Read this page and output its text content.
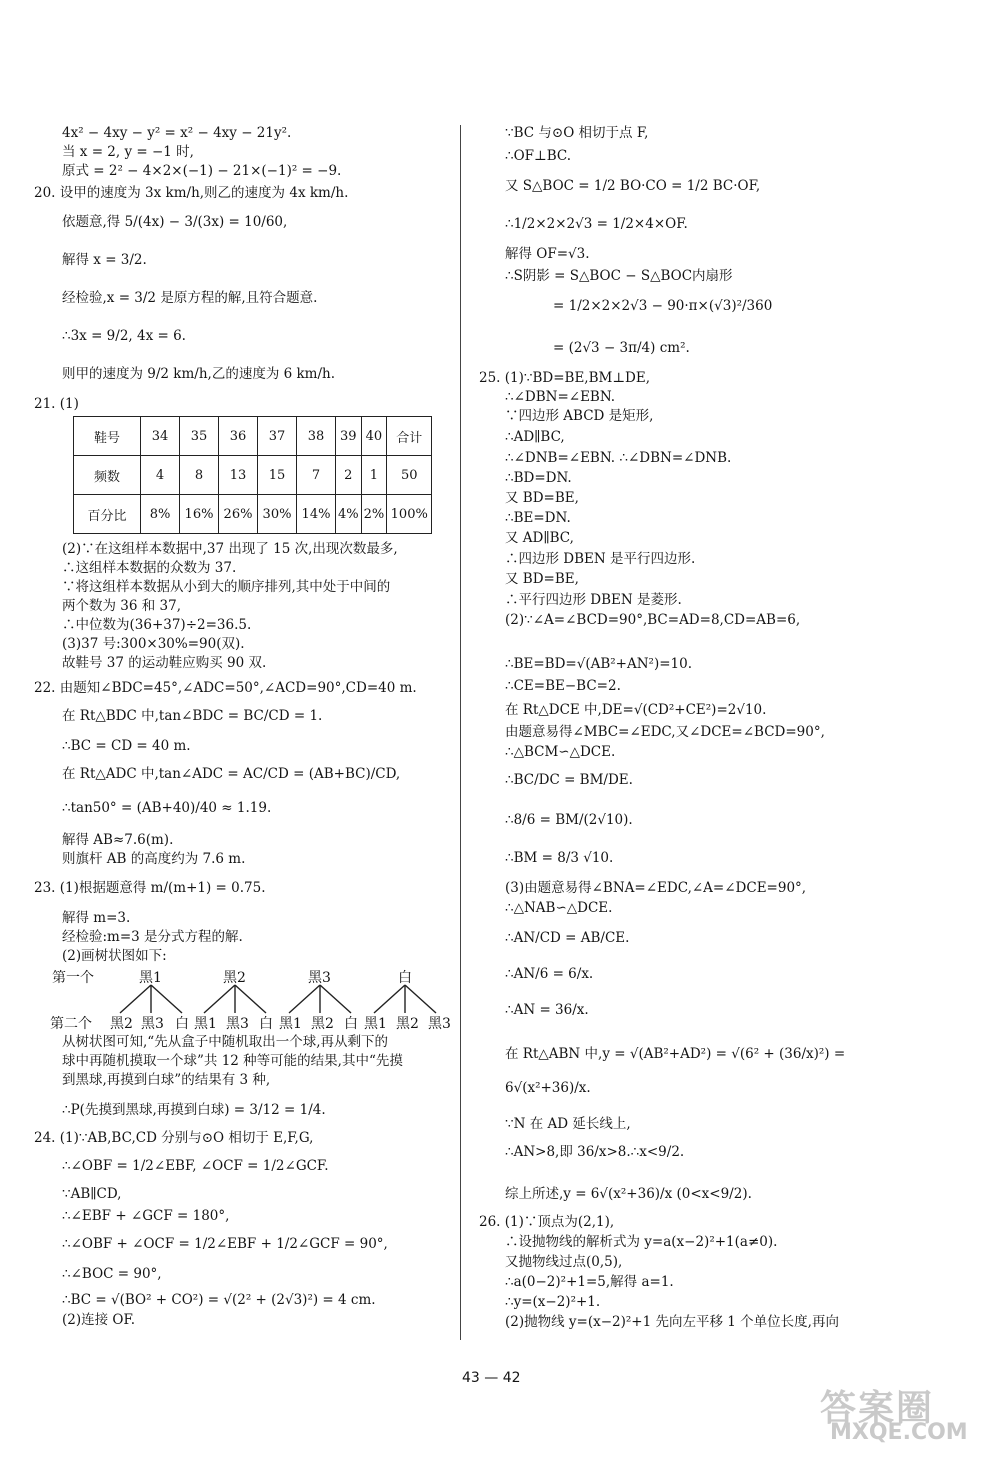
4x² − 4xy − y² = x² − 4xy − 21y².
当 x = 2, y = −1 时,
原式 = 2² − 4×2×(−1) − 21×(−1)² = −9.
20. 设甲的速度为 3x km/h,则乙的速度为 4x km/h.
依题意,得 5/(4x) − 3/(3x) = 10/60,
解得 x = 3/2.
经检验,x = 3/2 是原方程的解,且符合题意.
∴3x = 9/2, 4x = 6.
则甲的速度为 9/2 km/h,乙的速度为 6 km/h.
21. (1)
鞋号	34	35	36	37	38	39	40	合计
频数	4	8	13	15	7	2	1	50
百分比	8%	16%	26%	30%	14%	4%	2%	100%
(2)∵在这组样本数据中,37 出现了 15 次,出现次数最多,
∴这组样本数据的众数为 37.
∵将这组样本数据从小到大的顺序排列,其中处于中间的
两个数为 36 和 37,
∴中位数为(36+37)÷2=36.5.
(3)37 号:300×30%=90(双).
故鞋号 37 的运动鞋应购买 90 双.
22. 由题知∠BDC=45°,∠ADC=50°,∠ACD=90°,CD=40 m.
在 Rt△BDC 中,tan∠BDC = BC/CD = 1.
∴BC = CD = 40 m.
在 Rt△ADC 中,tan∠ADC = AC/CD = (AB+BC)/CD,
∴tan50° = (AB+40)/40 ≈ 1.19.
解得 AB≈7.6(m).
则旗杆 AB 的高度约为 7.6 m.
23. (1)根据题意得 m/(m+1) = 0.75.
解得 m=3.
经检验:m=3 是分式方程的解.
(2)画树状图如下:
第一个	黑1	黑2	黑3	白
第二个 黑2 黑3 白 黑1 黑3 白 黑1 黑2 白 黑1 黑2 黑3
从树状图可知,“先从盒子中随机取出一个球,再从剩下的
球中再随机摸取一个球”共 12 种等可能的结果,其中“先摸
到黑球,再摸到白球”的结果有 3 种,
∴P(先摸到黑球,再摸到白球) = 3/12 = 1/4.
24. (1)∵AB,BC,CD 分别与⊙O 相切于 E,F,G,
∴∠OBF = 1/2∠EBF, ∠OCF = 1/2∠GCF.
∵AB∥CD,
∴∠EBF + ∠GCF = 180°,
∴∠OBF + ∠OCF = 1/2∠EBF + 1/2∠GCF = 90°,
∴∠BOC = 90°,
∴BC = √(BO² + CO²) = √(2² + (2√3)²) = 4 cm.
(2)连接 OF.
∵BC 与⊙O 相切于点 F,
∴OF⊥BC.
又 S△BOC = 1/2 BO·CO = 1/2 BC·OF,
∴1/2×2×2√3 = 1/2×4×OF.
解得 OF=√3.
∴S阴影 = S△BOC − S△BOC内扇形
= 1/2×2×2√3 − 90·π×(√3)²/360
= (2√3 − 3π/4) cm².
25. (1)∵BD=BE,BM⊥DE,
∴∠DBN=∠EBN.
∵四边形 ABCD 是矩形,
∴AD∥BC,
∴∠DNB=∠EBN. ∴∠DBN=∠DNB.
∴BD=DN.
又 BD=BE,
∴BE=DN.
又 AD∥BC,
∴四边形 DBEN 是平行四边形.
又 BD=BE,
∴平行四边形 DBEN 是菱形.
(2)∵∠A=∠BCD=90°,BC=AD=8,CD=AB=6,
∴BE=BD=√(AB²+AN²)=10.
∴CE=BE−BC=2.
在 Rt△DCE 中,DE=√(CD²+CE²)=2√10.
由题意易得∠MBC=∠EDC,又∠DCE=∠BCD=90°,
∴△BCM∽△DCE.
∴BC/DC = BM/DE.
∴8/6 = BM/(2√10).
∴BM = 8/3 √10.
(3)由题意易得∠BNA=∠EDC,∠A=∠DCE=90°,
∴△NAB∽△DCE.
∴AN/CD = AB/CE.
∴AN/6 = 6/x.
∴AN = 36/x.
在 Rt△ABN 中,y = √(AB²+AD²) = √(6² + (36/x)²) =
6√(x²+36)/x.
∵N 在 AD 延长线上,
∴AN>8,即 36/x>8.∴x<9/2.
综上所述,y = 6√(x²+36)/x (0<x<9/2).
26. (1)∵顶点为(2,1),
∴设抛物线的解析式为 y=a(x−2)²+1(a≠0).
又抛物线过点(0,5),
∴a(0−2)²+1=5,解得 a=1.
∴y=(x−2)²+1.
(2)抛物线 y=(x−2)²+1 先向左平移 1 个单位长度,再向
43 — 42
答案圈
MXQE.COM
